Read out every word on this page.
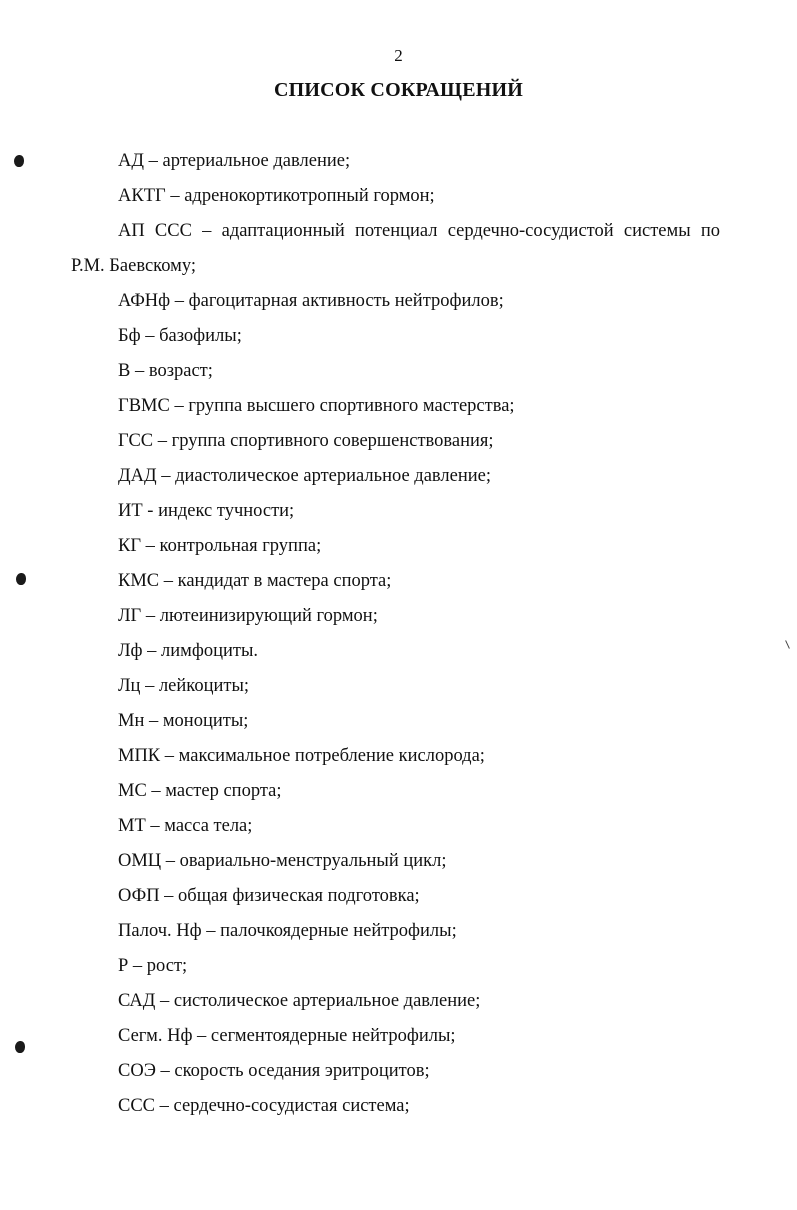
2
СПИСОК СОКРАЩЕНИЙ
АД – артериальное давление;
АКТГ – адренокортикотропный гормон;
АП ССС – адаптационный потенциал сердечно-сосудистой системы по
Р.М. Баевскому;
АФНф – фагоцитарная активность нейтрофилов;
Бф – базофилы;
В – возраст;
ГВМС – группа высшего спортивного мастерства;
ГСС – группа спортивного совершенствования;
ДАД – диастолическое артериальное давление;
ИТ - индекс тучности;
КГ – контрольная группа;
КМС – кандидат в мастера спорта;
ЛГ – лютеинизирующий гормон;
Лф – лимфоциты.
Лц – лейкоциты;
Мн – моноциты;
МПК – максимальное потребление кислорода;
МС – мастер спорта;
МТ – масса тела;
ОМЦ – овариально-менструальный цикл;
ОФП – общая физическая подготовка;
Палоч. Нф – палочкоядерные нейтрофилы;
Р – рост;
САД – систолическое артериальное давление;
Сегм. Нф – сегментоядерные нейтрофилы;
СОЭ – скорость оседания эритроцитов;
ССС – сердечно-сосудистая система;
